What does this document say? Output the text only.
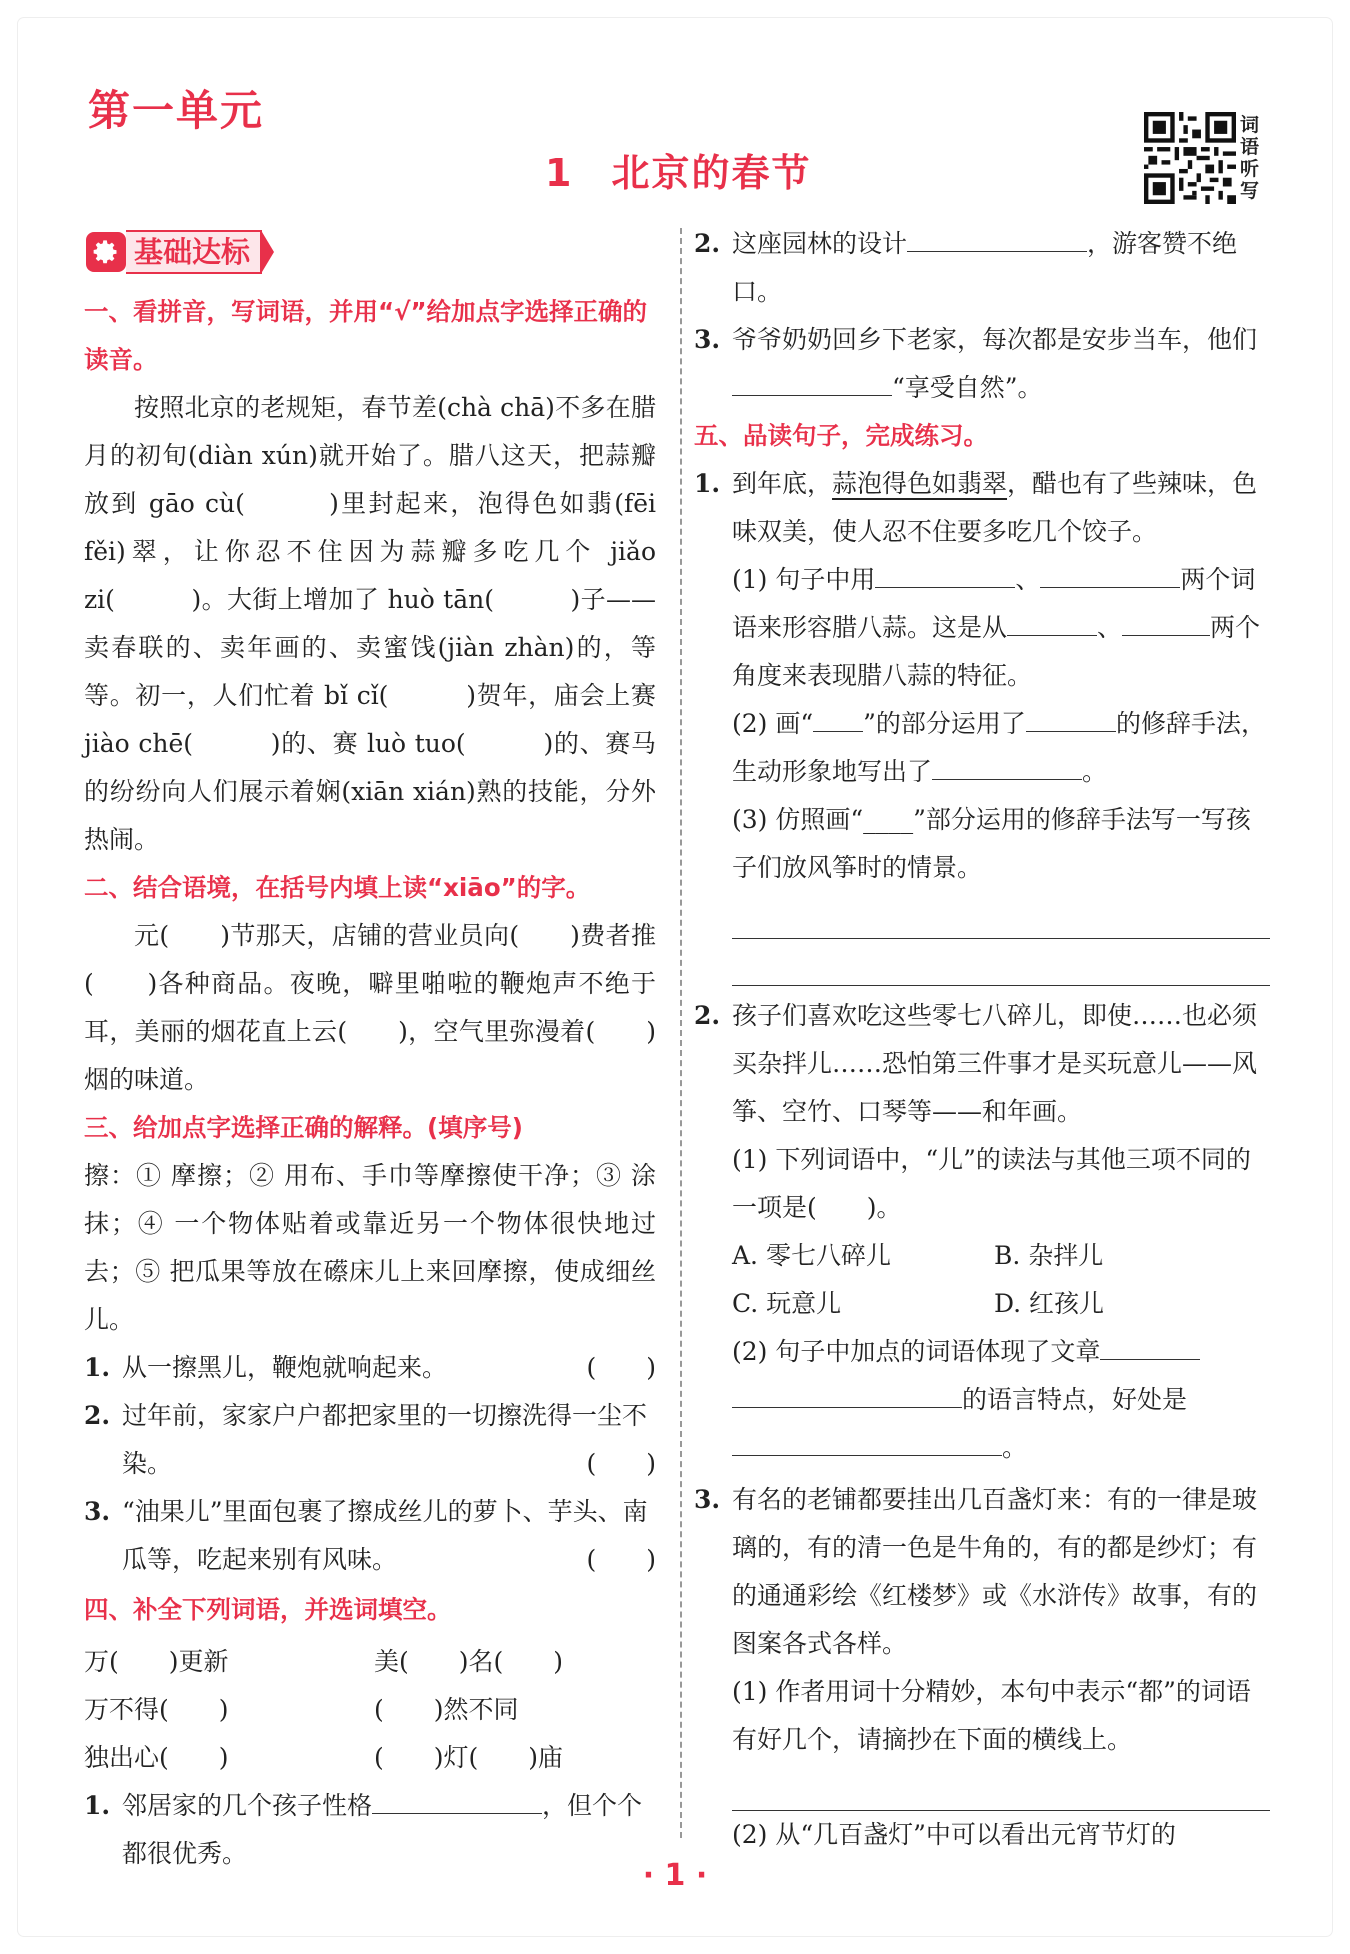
第一单元
1 北京的春节
词语听写
基础达标
一、看拼音，写词语，并用“√”给加点字选择正确的读音。

按照北京的老规矩，春节差(chà chā)不多在腊月的初旬(diàn xún)就开始了。腊八这天，把蒜瓣放到 gāo cù(　　　)里封起来，泡得色如翡(fēi fěi)翠，让你忍不住因为蒜瓣多吃几个 jiǎo zi(　　　)。大街上增加了 huò tān(　　　)子——卖春联的、卖年画的、卖蜜饯(jiàn zhàn)的，等等。初一，人们忙着 bǐ cǐ(　　　)贺年，庙会上赛 jiào chē(　　　)的、赛 luò tuo(　　　)的、赛马的纷纷向人们展示着娴(xiān xián)熟的技能，分外热闹。

二、结合语境，在括号内填上读“xiāo”的字。

元(　　)节那天，店铺的营业员向(　　)费者推(　　)各种商品。夜晚，噼里啪啦的鞭炮声不绝于耳，美丽的烟花直上云(　　)，空气里弥漫着(　　)烟的味道。

三、给加点字选择正确的解释。(填序号)

擦：① 摩擦；② 用布、手巾等摩擦使干净；③ 涂抹；④ 一个物体贴着或靠近另一个物体很快地过去；⑤ 把瓜果等放在礤床儿上来回摩擦，使成细丝儿。

1. 从一擦黑儿，鞭炮就响起来。	(　　)
2. 过年前，家家户户都把家里的一切擦洗得一尘不染。	(　　)
3. “油果儿”里面包裹了擦成丝儿的萝卜、芋头、南瓜等，吃起来别有风味。	(　　)
四、补全下列词语，并选词填空。
万(　　)更新	美(　　)名(　　)
万不得(　　)	(　　)然不同
独出心(　　)	(　　)灯(　　)庙
1. 邻居家的几个孩子性格	，但个个都很优秀。
2. 这座园林的设计	，游客赞不绝口。
3. 爷爷奶奶回乡下老家，每次都是安步当车，他们“享受自然”。
五、品读句子，完成练习。
1. 到年底，蒜泡得色如翡翠，醋也有了些辣味，色味双美，使人忍不住要多吃几个饺子。
(1) 句子中用	、	两个词语来形容腊八蒜。这是从	、	两个角度来表现腊八蒜的特征。
(2) 画“ ”的部分运用了	的修辞手法，生动形象地写出了	。
(3) 仿照画“____”部分运用的修辞手法写一写孩子们放风筝时的情景。
2. 孩子们喜欢吃这些零七八碎儿，即使……也必须买杂拌儿……恐怕第三件事才是买玩意儿——风筝、空竹、口琴等——和年画。
(1) 下列词语中，“儿”的读法与其他三项不同的一项是(　　)。
A. 零七八碎儿	B. 杂拌儿
C. 玩意儿	D. 红孩儿
(2) 句子中加点的词语体现了文章的语言特点，好处是。
3. 有名的老铺都要挂出几百盏灯来：有的一律是玻璃的，有的清一色是牛角的，有的都是纱灯；有的通通彩绘《红楼梦》或《水浒传》故事，有的图案各式各样。
(1) 作者用词十分精妙，本句中表示“都”的词语有好几个，请摘抄在下面的横线上。
(2) 从“几百盏灯”中可以看出元宵节灯的
· 1 ·
